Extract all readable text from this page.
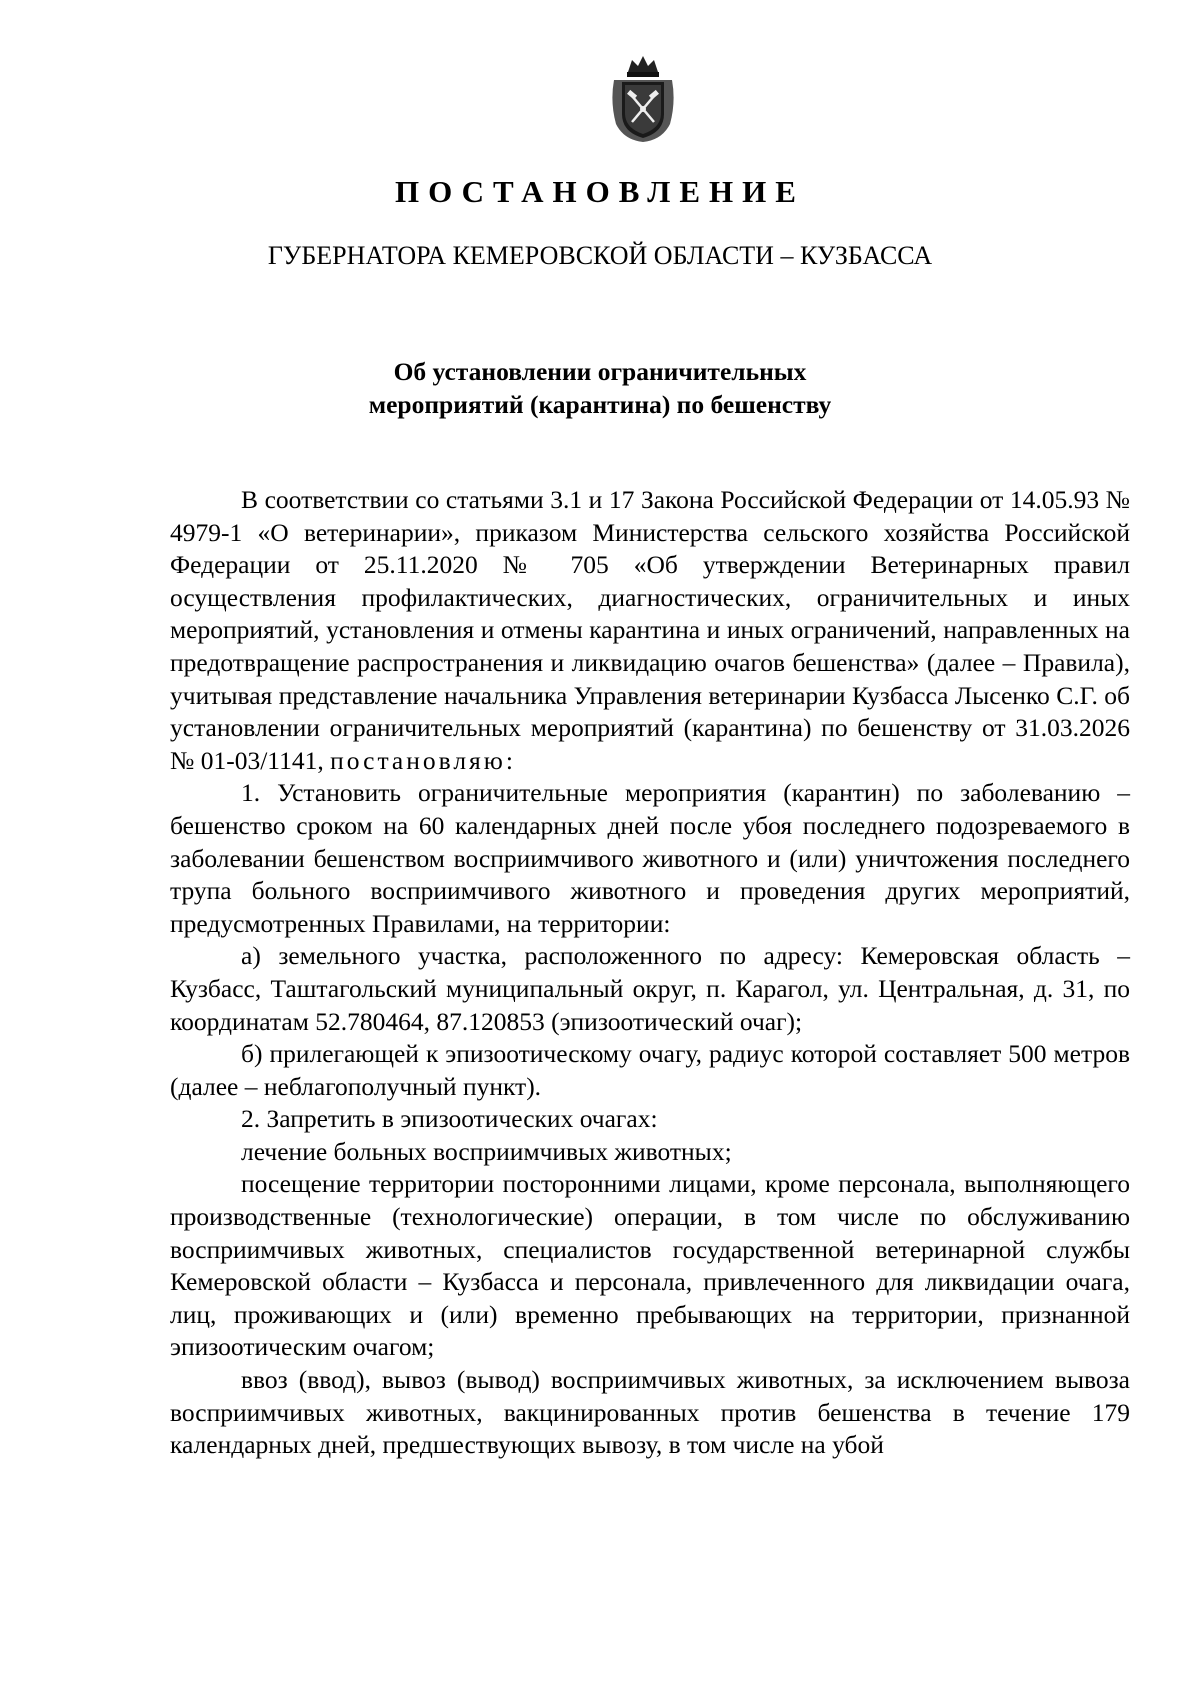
ПОСТАНОВЛЕНИЕ
ГУБЕРНАТОРА КЕМЕРОВСКОЙ ОБЛАСТИ – КУЗБАССА
Об установлении ограничительных
мероприятий (карантина) по бешенству

В соответствии со статьями 3.1 и 17 Закона Российской Федерации от 14.05.93 № 4979-1 «О ветеринарии», приказом Министерства сельского хозяйства Российской Федерации от 25.11.2020 № 705 «Об утверждении Ветеринарных правил осуществления профилактических, диагностических, ограничительных и иных мероприятий, установления и отмены карантина и иных ограничений, направленных на предотвращение распространения и ликвидацию очагов бешенства» (далее – Правила), учитывая представление начальника Управления ветеринарии Кузбасса Лысенко С.Г. об установлении ограничительных мероприятий (карантина) по бешенству от 31.03.2026 № 01-03/1141, постановляю:

1. Установить ограничительные мероприятия (карантин) по заболеванию – бешенство сроком на 60 календарных дней после убоя последнего подозреваемого в заболевании бешенством восприимчивого животного и (или) уничтожения последнего трупа больного восприимчивого животного и проведения других мероприятий, предусмотренных Правилами, на территории:

а) земельного участка, расположенного по адресу: Кемеровская область – Кузбасс, Таштагольский муниципальный округ, п. Карагол, ул. Центральная, д. 31, по координатам 52.780464, 87.120853 (эпизоотический очаг);

б) прилегающей к эпизоотическому очагу, радиус которой составляет 500 метров (далее – неблагополучный пункт).

2. Запретить в эпизоотических очагах:

лечение больных восприимчивых животных;

посещение территории посторонними лицами, кроме персонала, выполняющего производственные (технологические) операции, в том числе по обслуживанию восприимчивых животных, специалистов государственной ветеринарной службы Кемеровской области – Кузбасса и персонала, привлеченного для ликвидации очага, лиц, проживающих и (или) временно пребывающих на территории, признанной эпизоотическим очагом;

ввоз (ввод), вывоз (вывод) восприимчивых животных, за исключением вывоза восприимчивых животных, вакцинированных против бешенства в течение 179 календарных дней, предшествующих вывозу, в том числе на убой
